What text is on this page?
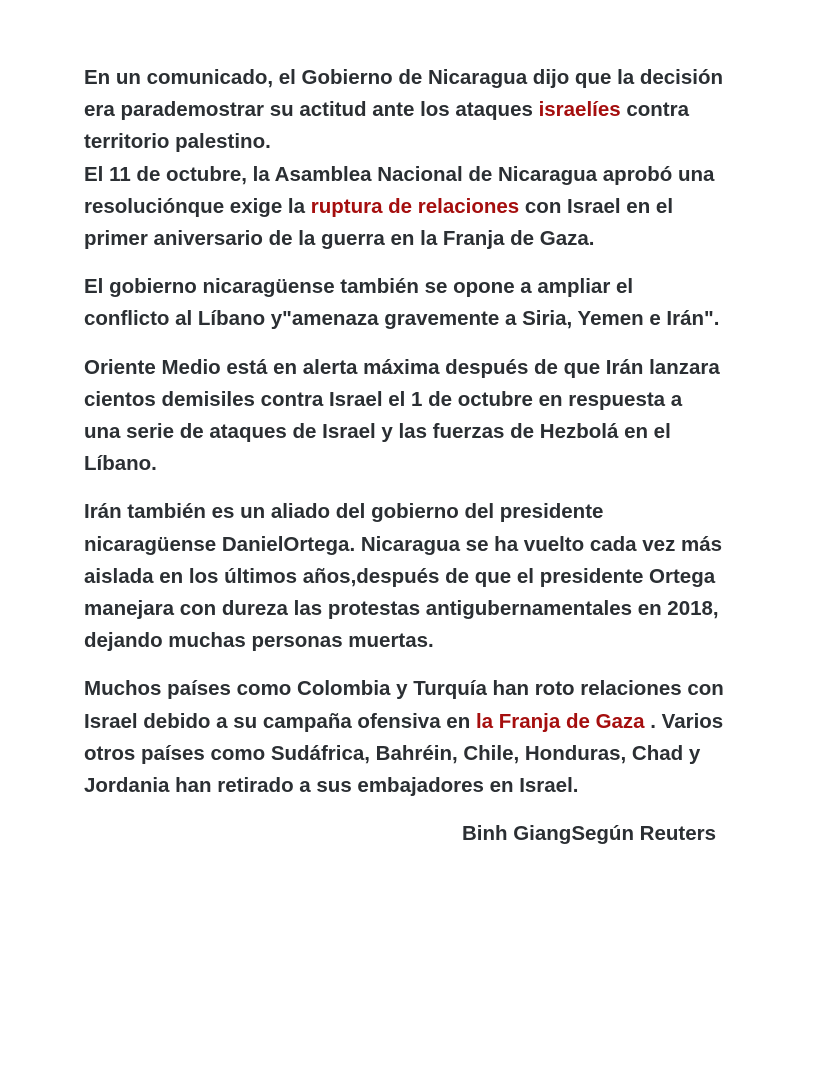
En un comunicado, el Gobierno de Nicaragua dijo que la decisión era parademostrar su actitud ante los ataques israelíes contra territorio palestino.
El 11 de octubre, la Asamblea Nacional de Nicaragua aprobó una resoluciónque exige la ruptura de relaciones con Israel en el primer aniversario de la guerra en la Franja de Gaza.

El gobierno nicaragüense también se opone a ampliar el conflicto al Líbano y"amenaza gravemente a Siria, Yemen e Irán".

Oriente Medio está en alerta máxima después de que Irán lanzara cientos demisiles contra Israel el 1 de octubre en respuesta a una serie de ataques de Israel y las fuerzas de Hezbolá en el Líbano.

Irán también es un aliado del gobierno del presidente nicaragüense DanielOrtega. Nicaragua se ha vuelto cada vez más aislada en los últimos años,después de que el presidente Ortega manejara con dureza las protestas antigubernamentales en 2018, dejando muchas personas muertas.

Muchos países como Colombia y Turquía han roto relaciones con Israel debido a su campaña ofensiva en la Franja de Gaza . Varios otros países como Sudáfrica, Bahréin, Chile, Honduras, Chad y Jordania han retirado a sus embajadores en Israel.

Binh GiangSegún Reuters
